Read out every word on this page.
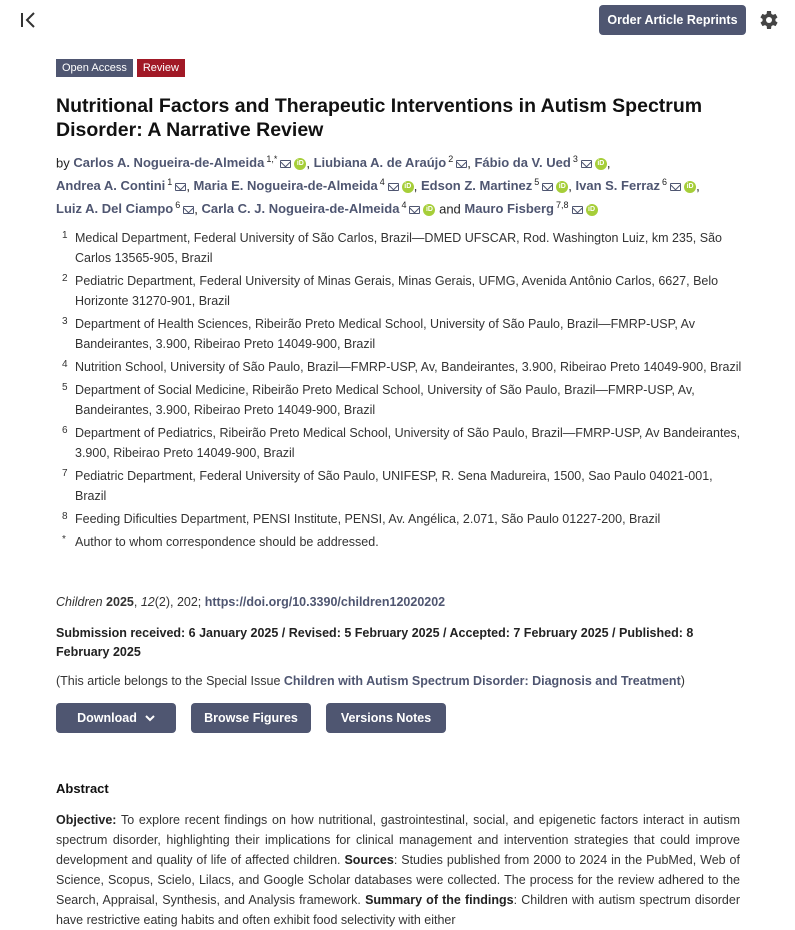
Order Article Reprints
Open Access	Review
Nutritional Factors and Therapeutic Interventions in Autism Spectrum Disorder: A Narrative Review
by Carlos A. Nogueira-de-Almeida $^{1,*}$	iD , Liubiana A. de Araújo $^2$ , Fábio da V. Ued $^3$	iD ,
Andrea A. Contini $^1$ , Maria E. Nogueira-de-Almeida $^4$	iD , Edson Z. Martinez $^5$	iD , Ivan S. Ferraz $^6$	iD ,
Luiz A. Del Ciampo $^6$ , Carla C. J. Nogueira-de-Almeida $^4$	iD and Mauro Fisberg $^{7,8}$	iD
1 Medical Department, Federal University of São Carlos, Brazil—DMED UFSCAR, Rod. Washington Luiz, km 235, São Carlos 13565-905, Brazil
2 Pediatric Department, Federal University of Minas Gerais, Minas Gerais, UFMG, Avenida Antônio Carlos, 6627, Belo Horizonte 31270-901, Brazil
3 Department of Health Sciences, Ribeirão Preto Medical School, University of São Paulo, Brazil—FMRP-USP, Av Bandeirantes, 3.900, Ribeirao Preto 14049-900, Brazil
4 Nutrition School, University of São Paulo, Brazil—FMRP-USP, Av, Bandeirantes, 3.900, Ribeirao Preto 14049-900, Brazil
5 Department of Social Medicine, Ribeirão Preto Medical School, University of São Paulo, Brazil—FMRP-USP, Av, Bandeirantes, 3.900, Ribeirao Preto 14049-900, Brazil
6 Department of Pediatrics, Ribeirão Preto Medical School, University of São Paulo, Brazil—FMRP-USP, Av Bandeirantes, 3.900, Ribeirao Preto 14049-900, Brazil
7 Pediatric Department, Federal University of São Paulo, UNIFESP, R. Sena Madureira, 1500, Sao Paulo 04021-001, Brazil
8 Feeding Dificulties Department, PENSI Institute, PENSI, Av. Angélica, 2.071, São Paulo 01227-200, Brazil
* Author to whom correspondence should be addressed.
Children 2025, 12(2), 202; https://doi.org/10.3390/children12020202
Submission received: 6 January 2025 / Revised: 5 February 2025 / Accepted: 7 February 2025 / Published: 8 February 2025
(This article belongs to the Special Issue Children with Autism Spectrum Disorder: Diagnosis and Treatment)
Download	Browse Figures	Versions Notes
Abstract
Objective: To explore recent findings on how nutritional, gastrointestinal, social, and epigenetic factors interact in autism spectrum disorder, highlighting their implications for clinical management and intervention strategies that could improve development and quality of life of affected children. Sources: Studies published from 2000 to 2024 in the PubMed, Web of Science, Scopus, Scielo, Lilacs, and Google Scholar databases were collected. The process for the review adhered to the Search, Appraisal, Synthesis, and Analysis framework. Summary of the findings: Children with autism spectrum disorder have restrictive eating habits and often exhibit food selectivity with either
